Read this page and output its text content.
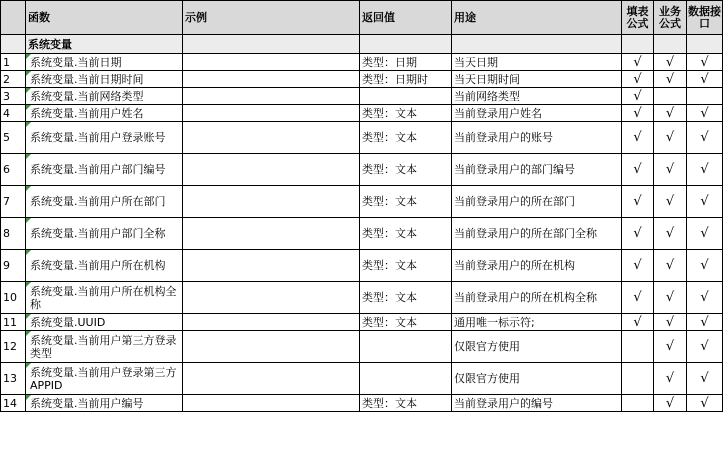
	函数	示例	返回值	用途	填表公式	业务公式	数据接口
	系统变量						
1	系统变量.当前日期		类型：日期	当天日期	√	√	√
2	系统变量.当前日期时间		类型：日期时	当天日期时间	√	√	√
3	系统变量.当前网络类型			当前网络类型	√		
4	系统变量.当前用户姓名		类型：文本	当前登录用户姓名	√	√	√
5	系统变量.当前用户登录账号		类型：文本	当前登录用户的账号	√	√	√
6	系统变量.当前用户部门编号		类型：文本	当前登录用户的部门编号	√	√	√
7	系统变量.当前用户所在部门		类型：文本	当前登录用户的所在部门	√	√	√
8	系统变量.当前用户部门全称		类型：文本	当前登录用户的所在部门全称	√	√	√
9	系统变量.当前用户所在机构		类型：文本	当前登录用户的所在机构	√	√	√
10	系统变量.当前用户所在机构全称		类型：文本	当前登录用户的所在机构全称	√	√	√
11	系统变量.UUID		类型：文本	通用唯一标示符;	√	√	√
12	系统变量.当前用户第三方登录类型			仅限官方使用		√	√
13	系统变量.当前用户登录第三方APPID			仅限官方使用		√	√
14	系统变量.当前用户编号		类型：文本	当前登录用户的编号		√	√
